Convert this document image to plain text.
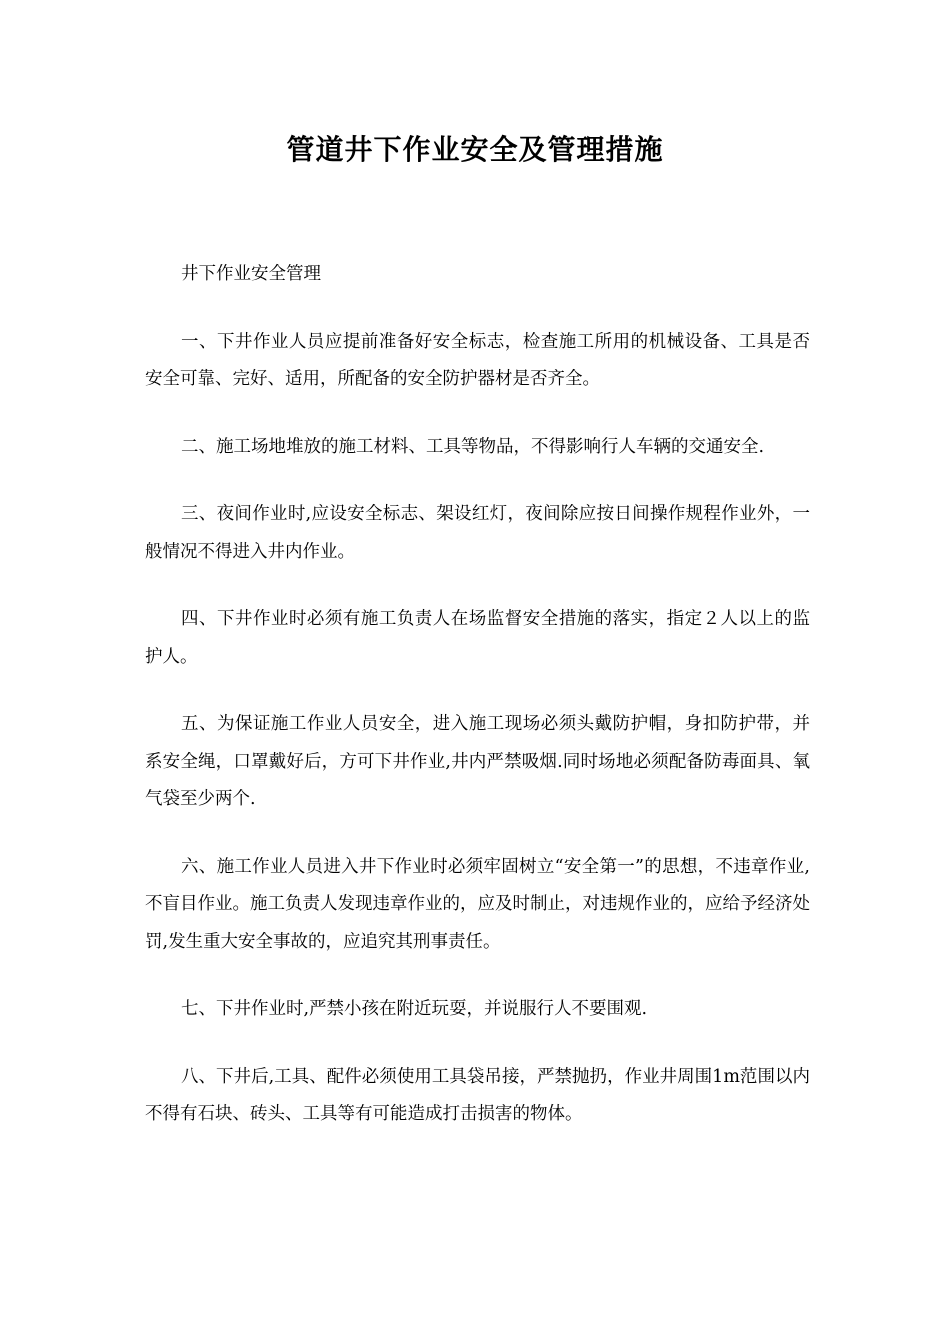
管道井下作业安全及管理措施

井下作业安全管理

一、下井作业人员应提前准备好安全标志，检查施工所用的机械设备、工具是否安全可靠、完好、适用，所配备的安全防护器材是否齐全。

二、施工场地堆放的施工材料、工具等物品，不得影响行人车辆的交通安全.

三、夜间作业时,应设安全标志、架设红灯，夜间除应按日间操作规程作业外，一般情况不得进入井内作业。

四、下井作业时必须有施工负责人在场监督安全措施的落实，指定２人以上的监护人。

五、为保证施工作业人员安全，进入施工现场必须头戴防护帽，身扣防护带，并系安全绳，口罩戴好后，方可下井作业,井内严禁吸烟.同时场地必须配备防毒面具、氧气袋至少两个.

六、施工作业人员进入井下作业时必须牢固树立“安全第一”的思想，不违章作业,不盲目作业。施工负责人发现违章作业的，应及时制止，对违规作业的，应给予经济处罚,发生重大安全事故的，应追究其刑事责任。

七、下井作业时,严禁小孩在附近玩耍，并说服行人不要围观.

八、下井后,工具、配件必须使用工具袋吊接，严禁抛扔，作业井周围1m范围以内不得有石块、砖头、工具等有可能造成打击损害的物体。
